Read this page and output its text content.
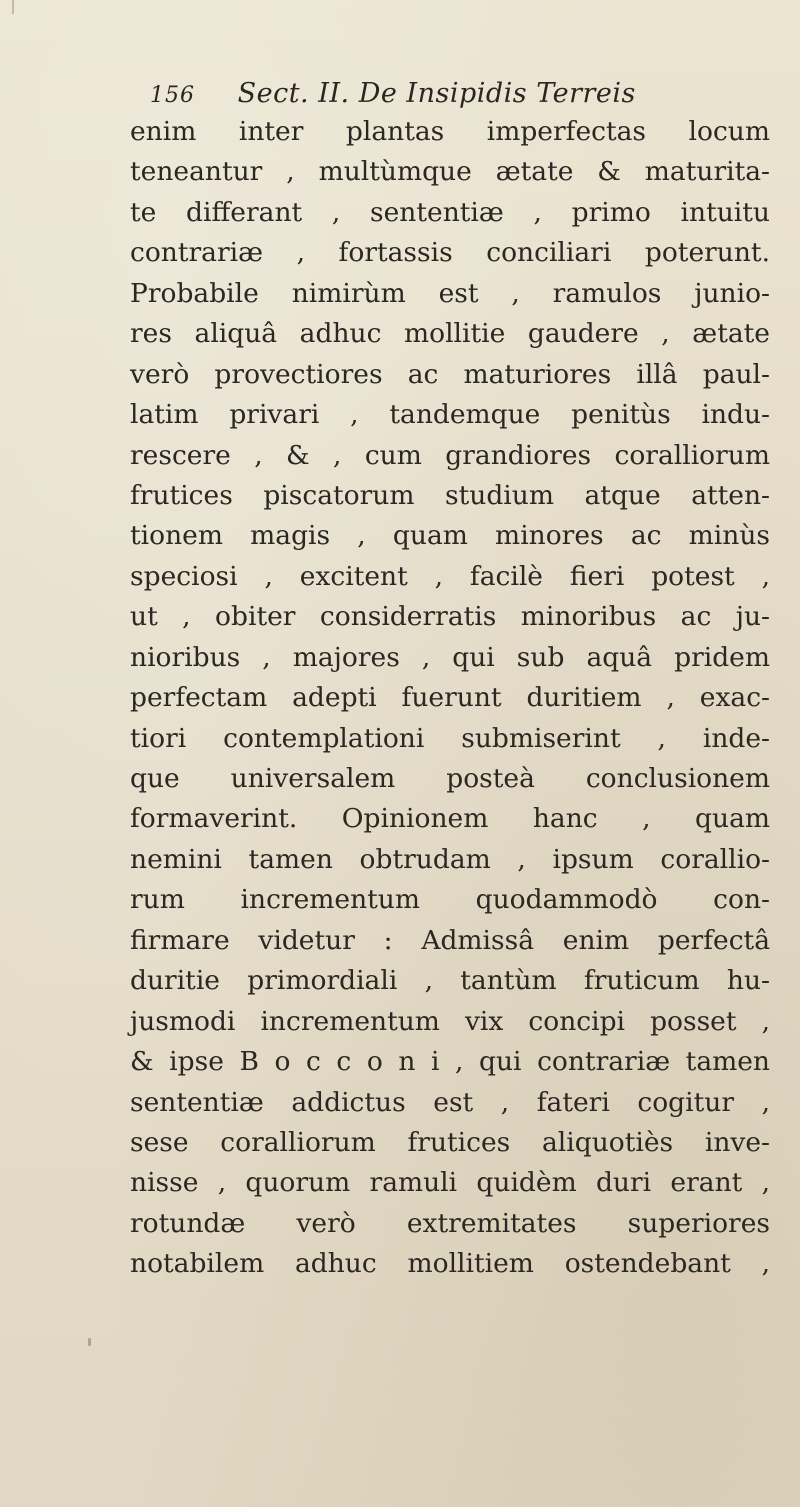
156 Sect. II. De Insipidis Terreis
enim inter plantas imperfectas locum
teneantur , multùmque ætate & maturita-
te differant , sententiæ , primo intuitu
contrariæ , fortassis conciliari poterunt.
Probabile nimirùm est , ramulos junio-
res aliquâ adhuc mollitie gaudere , ætate
verò provectiores ac maturiores illâ paul-
latim privari , tandemque penitùs indu-
rescere , & , cum grandiores coralliorum
frutices piscatorum studium atque atten-
tionem magis , quam minores ac minùs
speciosi , excitent , facilè fieri potest ,
ut , obiter considerratis minoribus ac ju-
nioribus , majores , qui sub aquâ pridem
perfectam adepti fuerunt duritiem , exac-
tiori contemplationi submiserint , inde-
que universalem posteà conclusionem
formaverint. Opinionem hanc , quam
nemini tamen obtrudam , ipsum corallio-
rum incrementum quodammodò con-
firmare videtur : Admissâ enim perfectâ
duritie primordiali , tantùm fruticum hu-
jusmodi incrementum vix concipi posset ,
& ipse B o c c o n i , qui contrariæ tamen
sententiæ addictus est , fateri cogitur ,
sese coralliorum frutices aliquotiès inve-
nisse , quorum ramuli quidèm duri erant ,
rotundæ verò extremitates superiores
notabilem adhuc mollitiem ostendebant ,
